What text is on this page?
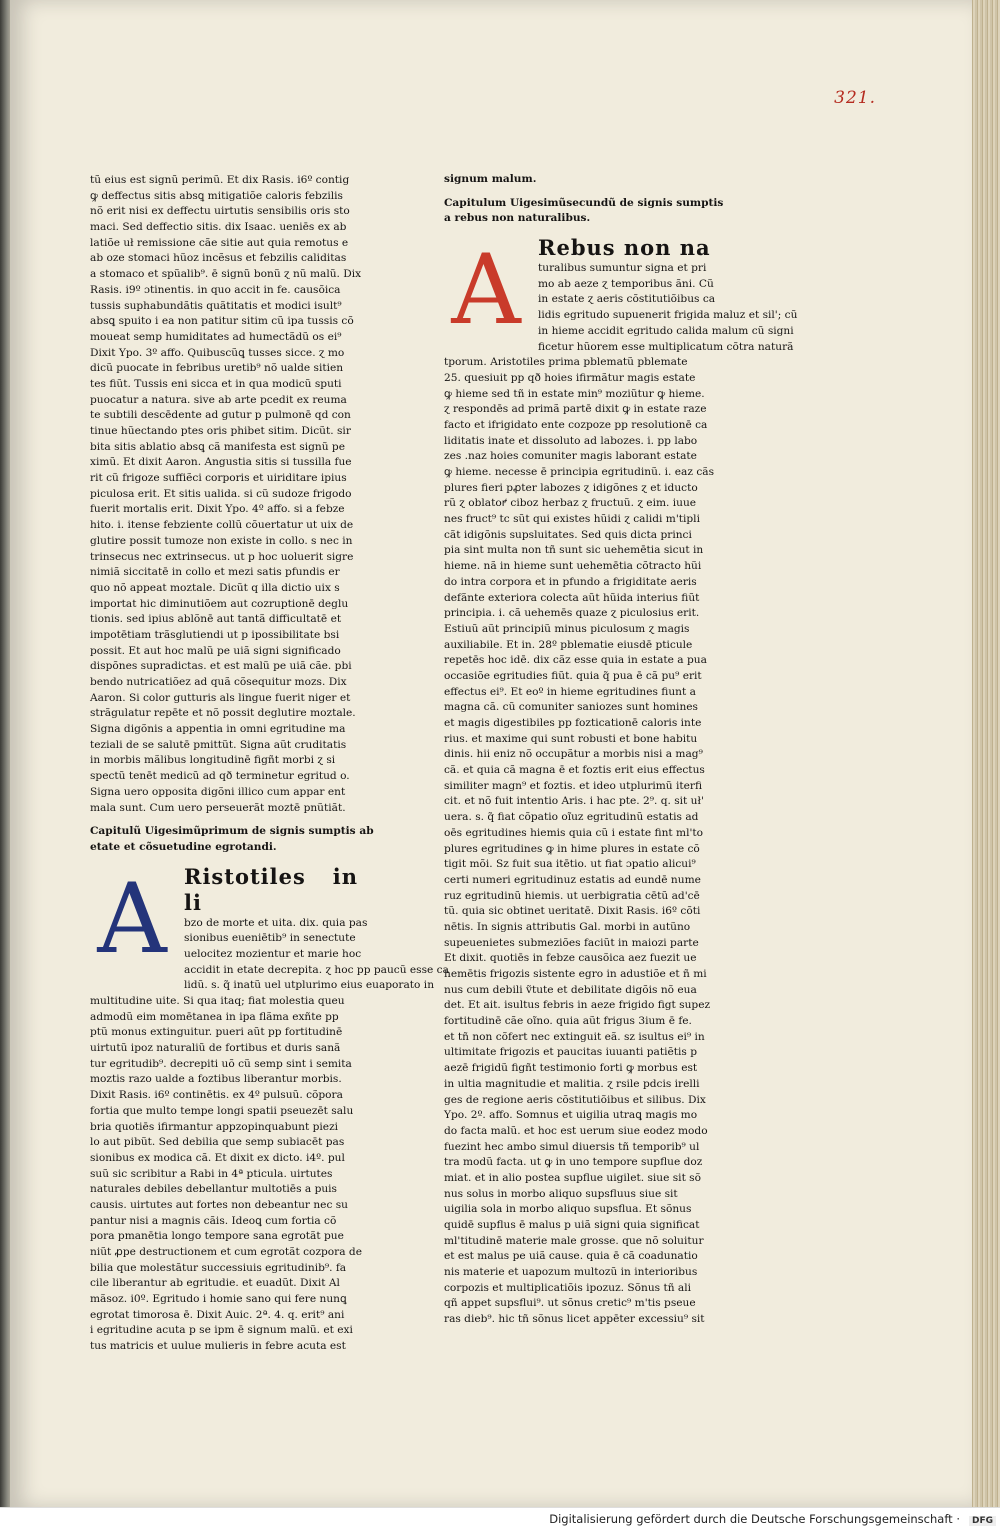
321.
tũ eius est signũ perimũ. Et dix Rasis. i6º contig
ꝙ deffectus sitis absꝗ mitigatiõe caloris febzilis
nõ erit nisi ex deffectu uirtutis sensibilis oris sto
maci. Sed deffectio sitis. dix Isaac. ueniēs ex ab
latiõe uł remissione cãe sitie aut quia remotus e
ab oze stomaci hũoz incẽsus et febzilis caliditas
a stomaco et spũalib⁹. ē signũ bonũ ɀ nũ malũ. Dix
Rasis. i9º ɔtinentis. in quo accit in fe. causõica
tussis suphabundãtis quãtitatis et modici isult⁹
absꝗ spuito i ea non patitur sitim cũ ipa tussis cõ
moueat semp humiditates ad humectãdũ os ei⁹
Dixit Ypo. 3º affo. Quibuscũꝗ tusses sicce. ɀ mo
dicũ puocate in febribus uretib⁹ nõ ualde sitien
tes fiũt. Tussis eni sicca et in qua modicũ sputi
puocatur a natura. sive ab arte pcedit ex reuma
te subtili descēdente ad gutur p pulmonē qd con
tinue hũectando ptes oris phibet sitim. Dicũt. sir
bita sitis ablatio absꝗ cã manifesta est signũ pe
ximũ. Et dixit Aaron. Angustia sitis si tussilla fue
rit cũ frigoze suffiẽci corporis et uiriditare ipius
piculosa erit. Et sitis ualida. si cũ sudoze frigodo
fuerit mortalis erit. Dixit Ypo. 4º affo. si a febze
hito. i. itense febziente collũ cõuertatur ut uix de
glutire possit tumoze non existe in collo. s nec in
trinsecus nec extrinsecus. ut p hoc uoluerit sigre
nimiã siccitatē in collo et mezi satis pfundis er
quo nõ appeat moztale. Dicũt q illa dictio uix s
importat hic diminutiõem aut cozruptionē deglu
tionis. sed ipius ablõnē aut tantã difficultatē et
impotētiam trãsglutiendi ut p ipossibilitate bsi
possit. Et aut hoc malũ pe uiã signi significado
dispõnes supradictas. et est malũ pe uiã cãe. pbi
bendo nutricatiõez ad quã cõsequitur mozs. Dix
Aaron. Si color gutturis als lingue fuerit niger et
strãgulatur repēte et nõ possit deglutire moztale.
Signa digõnis a appentia in omni egritudine ma
teziali de se salutē pmittũt. Signa aũt cruditatis
in morbis mãlibus longitudinē figñt morbi ɀ si
spectũ tenēt medicũ ad qð terminetur egritud o.
Signa uero opposita digõni illico cum appar ent
mala sunt. Cum uero perseuerãt moztē pnũtiãt.
Capitulũ Uigesimũprimum de signis sumptis ab
etate et cõsuetudine egrotandi.
A Ristotiles in li
bzo de morte et uita. dix. quia pas
sionibus eueniētib⁹ in senectute
uelocitez mozientur et marie hoc
accidit in etate decrepita. ɀ hoc pp paucũ esse ca
lidũ. s. q̃ inatũ uel utplurimo eius euaporato in
multitudine uite. Si qua itaq; fiat molestia queu
admodũ eim momētanea in ipa flãma exñte pp
ptũ monus extinguitur. pueri aũt pp fortitudinē
uirtutũ ipoz naturaliũ de fortibus et duris sanã
tur egritudib⁹. decrepiti uõ cũ semp sint i semita
moztis razo ualde a foztibus liberantur morbis.
Dixit Rasis. i6º continētis. ex 4º pulsuũ. cõpora
fortia que multo tempe longi spatii pseuezēt salu
bria quotiēs ifirmantur appzopinquabunt piezi
lo aut pibũt. Sed debilia que semp subiacēt pas
sionibus ex modica cã. Et dixit ex dicto. i4º. pul
suũ sic scribitur a Rabi in 4ª pticula. uirtutes
naturales debiles debellantur multotiēs a puis
causis. uirtutes aut fortes non debeantur nec su
pantur nisi a magnis cãis. Ideoꝗ cum fortia cõ
pora pmanētia longo tempore sana egrotãt pue
niũt ꝓpe destructionem et cum egrotãt cozpora de
bilia que molestãtur successiuis egritudinib⁹. fa
cile liberantur ab egritudie. et euadũt. Dixit Al
mãsoz. i0º. Egritudo i homie sano qui fere nunꝗ
egrotat timorosa ē. Dixit Auic. 2ª. 4. q. erit⁹ ani
i egritudine acuta p se ipm ē signum malũ. et exi
tus matricis et uulue mulieris in febre acuta est
signum malum.
Capitulum Uigesimũsecundũ de signis sumptis
a rebus non naturalibus.
A Rebus non na
turalibus sumuntur signa et pri
mo ab aeze ɀ temporibus ãni. Cũ
in estate ɀ aeris cõstitutiõibus ca
lidis egritudo supuenerit frigida maluz et sil'; cũ
in hieme accidit egritudo calida malum cũ signi
ficetur hũorem esse multiplicatum cõtra naturã
tporum. Aristotiles prima pblematũ pblemate
25. quesiuit pp qð hoies ifirmãtur magis estate
ꝙ hieme sed tñ in estate min⁹ moziũtur ꝙ hieme.
ɀ respondēs ad primã partē dixit ꝙ in estate raze
facto et ifrigidato ente cozpoze pp resolutionē ca
liditatis inate et dissoluto ad labozes. i. pp labo
zes .naz hoies comuniter magis laborant estate
ꝙ hieme. necesse ē principia egritudinũ. i. eaz cãs
plures fieri pꝓter labozes ɀ idigõnes ɀ et iducto
rũ ɀ oblatoꝵ ciboz herbaz ɀ fructuũ. ɀ eim. iuue
nes fruct⁹ tc sũt qui existes hũidi ɀ calidi m'tipli
cãt idigõnis supsluitates. Sed quis dicta princi
pia sint multa non tñ sunt sic uehemētia sicut in
hieme. nã in hieme sunt uehemētia cõtracto hũi
do intra corpora et in pfundo a frigiditate aeris
defãnte exteriora colecta aũt hũida interius fiũt
principia. i. cã uehemēs quaze ɀ piculosius erit.
Estiuũ aũt principiũ minus piculosum ɀ magis
auxiliabile. Et in. 28º pblematie eiusdē pticule
repetēs hoc idē. dix cãz esse quia in estate a pua
occasiõe egritudies fiũt. quia q̃ pua ē cã pu⁹ erit
effectus ei⁹. Et eoº in hieme egritudines fiunt a
magna cã. cũ comuniter saniozes sunt homines
et magis digestibiles pp fozticationē caloris inte
rius. et maxime qui sunt robusti et bone habitu
dinis. hii eniz nõ occupãtur a morbis nisi a mag⁹
cã. et quia cã magna ē et foztis erit eius effectus
similiter magn⁹ et foztis. et ideo utplurimũ iterfi
cit. et nõ fuit intentio Aris. i hac pte. 2⁹. q. sit uł'
uera. s. q̃ fiat cõpatio oĩuz egritudinũ estatis ad
oēs egritudines hiemis quia cũ i estate fint ml'to
plures egritudines ꝙ in hime plures in estate cõ
tigit mõi. Sz fuit sua itētio. ut fiat ɔpatio alicui⁹
certi numeri egritudinuz estatis ad eundē nume
ruz egritudinũ hiemis. ut uerbigratia cētũ ad'cē
tũ. quia sic obtinet ueritatē. Dixit Rasis. i6º cõti
nētis. In signis attributis Gal. morbi in autũno
supeuenietes submeziões faciũt in maiozi parte
Et dixit. quotiēs in febze causõica aez fuezit ue
hemētis frigozis sistente egro in adustiõe et ñ mi
nus cum debili ṽtute et debilitate digõis nõ eua
det. Et ait. isultus febris in aeze frigido figt supez
fortitudinē cãe oĩno. quia aũt frigus 3ium ē fe.
et tñ non cõfert nec extinguit eã. sz isultus ei⁹ in
ultimitate frigozis et paucitas iuuanti patiẽtis p
aezē frigidũ figñt testimonio forti ꝙ morbus est
in ultia magnitudie et malitia. ɀ rsile pdcis irelli
ges de regione aeris cõstitutiõibus et silibus. Dix
Ypo. 2º. affo. Somnus et uigilia utraꝗ magis mo
do facta malũ. et hoc est uerum siue eodez modo
fuezint hec ambo simul diuersis tñ temporib⁹ ul
tra modũ facta. ut ꝙ in uno tempore supflue doz
miat. et in alio postea supflue uigilet. siue sit sõ
nus solus in morbo aliquo supsfluus siue sit
uigilia sola in morbo aliquo supsflua. Et sõnus
quidē supflus ē malus p uiã signi quia significat
ml'titudinē materie male grosse. que nõ soluitur
et est malus pe uiã cause. quia ē cã coadunatio
nis materie et uapozum multozũ in interioribus
corpozis et multiplicatiõis ipozuz. Sõnus tñ ali
qñ appet supsflui⁹. ut sõnus cretic⁹ m'tis pseue
ras dieb⁹. hic tñ sõnus licet appēter excessiu⁹ sit
Digitalisierung gefördert durch die Deutsche Forschungsgemeinschaft ·	DFG
